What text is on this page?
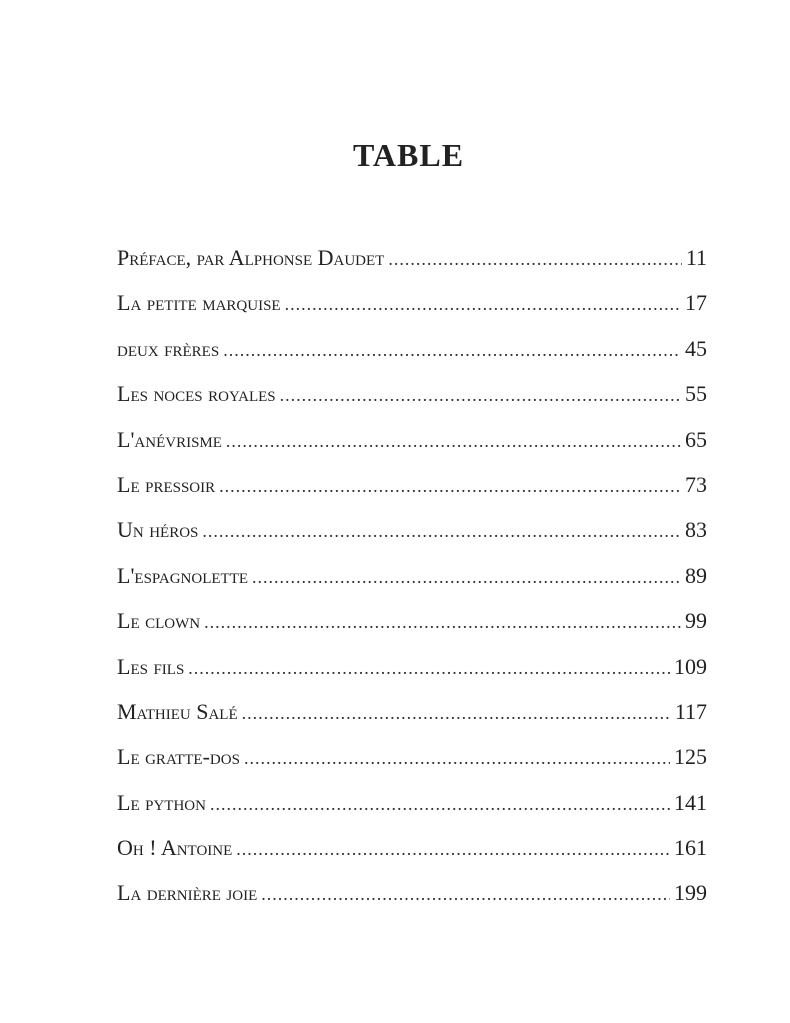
TABLE
Préface, par Alphonse Daudet .....	11
La petite marquise .....	17
deux frères .....	45
Les noces royales .....	55
L'anévrisme .....	65
Le pressoir .....	73
Un héros .....	83
L'espagnolette .....	89
Le clown .....	99
Les fils .....	109
Mathieu Salé .....	117
Le gratte-dos .....	125
Le python .....	141
Oh ! Antoine .....	161
La dernière joie .....	199
